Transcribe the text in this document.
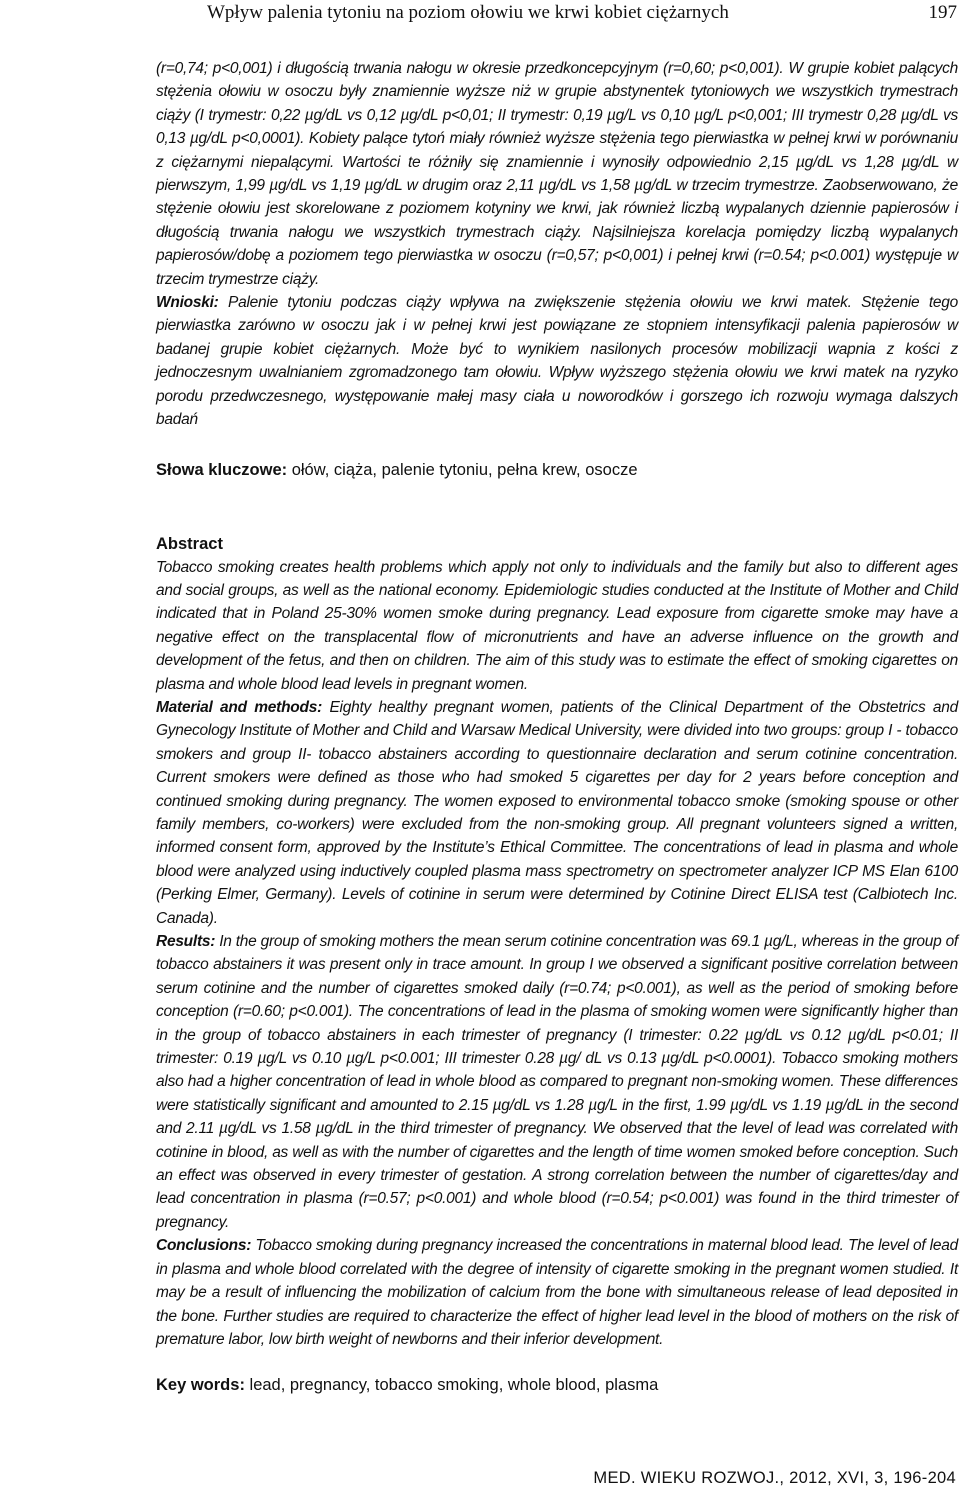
Wpływ palenia tytoniu na poziom ołowiu we krwi kobiet ciężarnych	197

(r=0,74; p<0,001) i długością trwania nałogu w okresie przedkoncepcyjnym (r=0,60; p<0,001). W grupie kobiet palących stężenia ołowiu w osoczu były znamiennie wyższe niż w grupie abstynentek tytoniowych we wszystkich trymestrach ciąży (I trymestr: 0,22 µg/dL vs 0,12 µg/dL p<0,01; II trymestr: 0,19 µg/L vs 0,10 µg/L p<0,001; III trymestr 0,28 µg/dL vs 0,13 µg/dL p<0,0001). Kobiety palące tytoń miały również wyższe stężenia tego pierwiastka w pełnej krwi w porównaniu z ciężarnymi niepalącymi. Wartości te różniły się znamiennie i wynosiły odpowiednio 2,15 µg/dL vs 1,28 µg/dL w pierwszym, 1,99 µg/dL vs 1,19 µg/dL w drugim oraz 2,11 µg/dL vs 1,58 µg/dL w trzecim trymestrze. Zaobserwowano, że stężenie ołowiu jest skorelowane z poziomem kotyniny we krwi, jak również liczbą wypalanych dziennie papierosów i długością trwania nałogu we wszystkich trymestrach ciąży. Najsilniejsza korelacja pomiędzy liczbą wypalanych papierosów/dobę a poziomem tego pierwiastka w osoczu (r=0,57; p<0,001) i pełnej krwi (r=0.54; p<0.001) występuje w trzecim trymestrze ciąży.

Wnioski: Palenie tytoniu podczas ciąży wpływa na zwiększenie stężenia ołowiu we krwi matek. Stężenie tego pierwiastka zarówno w osoczu jak i w pełnej krwi jest powiązane ze stopniem intensyfikacji palenia papierosów w badanej grupie kobiet ciężarnych. Może być to wynikiem nasilonych procesów mobilizacji wapnia z kości z jednoczesnym uwalnianiem zgromadzonego tam ołowiu. Wpływ wyższego stężenia ołowiu we krwi matek na ryzyko porodu przedwczesnego, występowanie małej masy ciała u noworodków i gorszego ich rozwoju wymaga dalszych badań

Słowa kluczowe: ołów, ciąża, palenie tytoniu, pełna krew, osocze

Abstract

Tobacco smoking creates health problems which apply not only to individuals and the family but also to different ages and social groups, as well as the national economy. Epidemiologic studies conducted at the Institute of Mother and Child indicated that in Poland 25-30% women smoke during pregnancy. Lead exposure from cigarette smoke may have a negative effect on the transplacental flow of micronutrients and have an adverse influence on the growth and development of the fetus, and then on children. The aim of this study was to estimate the effect of smoking cigarettes on plasma and whole blood lead levels in pregnant women.

Material and methods: Eighty healthy pregnant women, patients of the Clinical Department of the Obstetrics and Gynecology Institute of Mother and Child and Warsaw Medical University, were divided into two groups: group I - tobacco smokers and group II- tobacco abstainers according to questionnaire declaration and serum cotinine concentration. Current smokers were defined as those who had smoked 5 cigarettes per day for 2 years before conception and continued smoking during pregnancy. The women exposed to environmental tobacco smoke (smoking spouse or other family members, co-workers) were excluded from the non-smoking group. All pregnant volunteers signed a written, informed consent form, approved by the Institute’s Ethical Committee. The concentrations of lead in plasma and whole blood were analyzed using inductively coupled plasma mass spectrometry on spectrometer analyzer ICP MS Elan 6100 (Perking Elmer, Germany). Levels of cotinine in serum were determined by Cotinine Direct ELISA test (Calbiotech Inc. Canada).

Results: In the group of smoking mothers the mean serum cotinine concentration was 69.1 µg/L, whereas in the group of tobacco abstainers it was present only in trace amount. In group I we observed a significant positive correlation between serum cotinine and the number of cigarettes smoked daily (r=0.74; p<0.001), as well as the period of smoking before conception (r=0.60; p<0.001). The concentrations of lead in the plasma of smoking women were significantly higher than in the group of tobacco abstainers in each trimester of pregnancy (I trimester: 0.22 µg/dL vs 0.12 µg/dL p<0.01; II trimester: 0.19 µg/L vs 0.10 µg/L p<0.001; III trimester 0.28 µg/ dL vs 0.13 µg/dL p<0.0001). Tobacco smoking mothers also had a higher concentration of lead in whole blood as compared to pregnant non-smoking women. These differences were statistically significant and amounted to 2.15 µg/dL vs 1.28 µg/L in the first, 1.99 µg/dL vs 1.19 µg/dL in the second and 2.11 µg/dL vs 1.58 µg/dL in the third trimester of pregnancy. We observed that the level of lead was correlated with cotinine in blood, as well as with the number of cigarettes and the length of time women smoked before conception. Such an effect was observed in every trimester of gestation. A strong correlation between the number of cigarettes/day and lead concentration in plasma (r=0.57; p<0.001) and whole blood (r=0.54; p<0.001) was found in the third trimester of pregnancy.

Conclusions: Tobacco smoking during pregnancy increased the concentrations in maternal blood lead. The level of lead in plasma and whole blood correlated with the degree of intensity of cigarette smoking in the pregnant women studied. It may be a result of influencing the mobilization of calcium from the bone with simultaneous release of lead deposited in the bone. Further studies are required to characterize the effect of higher lead level in the blood of mothers on the risk of premature labor, low birth weight of newborns and their inferior development.

Key words: lead, pregnancy, tobacco smoking, whole blood, plasma

MED. WIEKU ROZWOJ., 2012, XVI, 3, 196-204
